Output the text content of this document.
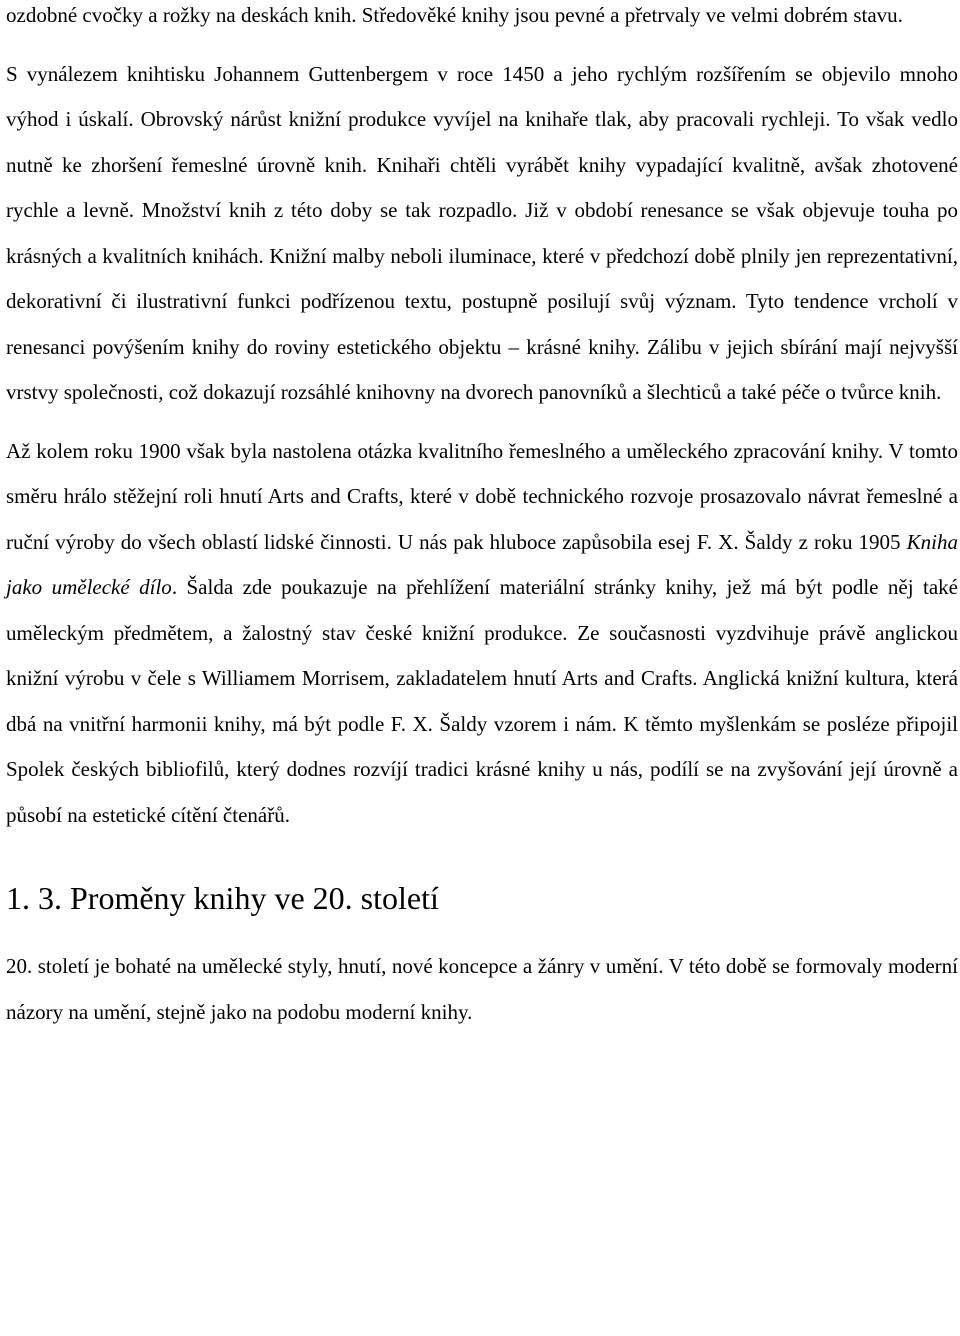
ozdobné cvočky a rožky na deskách knih. Středověké knihy jsou pevné a přetrvaly ve velmi dobrém stavu.

S vynálezem knihtisku Johannem Guttenbergem v roce 1450 a jeho rychlým rozšířením se objevilo mnoho výhod i úskalí. Obrovský nárůst knižní produkce vyvíjel na knihaře tlak, aby pracovali rychleji. To však vedlo nutně ke zhoršení řemeslné úrovně knih. Knihaři chtěli vyrábět knihy vypadající kvalitně, avšak zhotovené rychle a levně. Množství knih z této doby se tak rozpadlo. Již v období renesance se však objevuje touha po krásných a kvalitních knihách. Knižní malby neboli iluminace, které v předchozí době plnily jen reprezentativní, dekorativní či ilustrativní funkci podřízenou textu, postupně posilují svůj význam. Tyto tendence vrcholí v renesanci povýšením knihy do roviny estetického objektu – krásné knihy. Zálibu v jejich sbírání mají nejvyšší vrstvy společnosti, což dokazují rozsáhlé knihovny na dvorech panovníků a šlechticů a také péče o tvůrce knih.

Až kolem roku 1900 však byla nastolena otázka kvalitního řemeslného a uměleckého zpracování knihy. V tomto směru hrálo stěžejní roli hnutí Arts and Crafts, které v době technického rozvoje prosazovalo návrat řemeslné a ruční výroby do všech oblastí lidské činnosti. U nás pak hluboce zapůsobila esej F. X. Šaldy z roku 1905 Kniha jako umělecké dílo. Šalda zde poukazuje na přehlížení materiální stránky knihy, jež má být podle něj také uměleckým předmětem, a žalostný stav české knižní produkce. Ze současnosti vyzdvihuje právě anglickou knižní výrobu v čele s Williamem Morrisem, zakladatelem hnutí Arts and Crafts. Anglická knižní kultura, která dbá na vnitřní harmonii knihy, má být podle F. X. Šaldy vzorem i nám. K těmto myšlenkám se posléze připojil Spolek českých bibliofilů, který dodnes rozvíjí tradici krásné knihy u nás, podílí se na zvyšování její úrovně a působí na estetické cítění čtenářů.

1. 3. Proměny knihy ve 20. století

20. století je bohaté na umělecké styly, hnutí, nové koncepce a žánry v umění. V této době se formovaly moderní názory na umění, stejně jako na podobu moderní knihy.
